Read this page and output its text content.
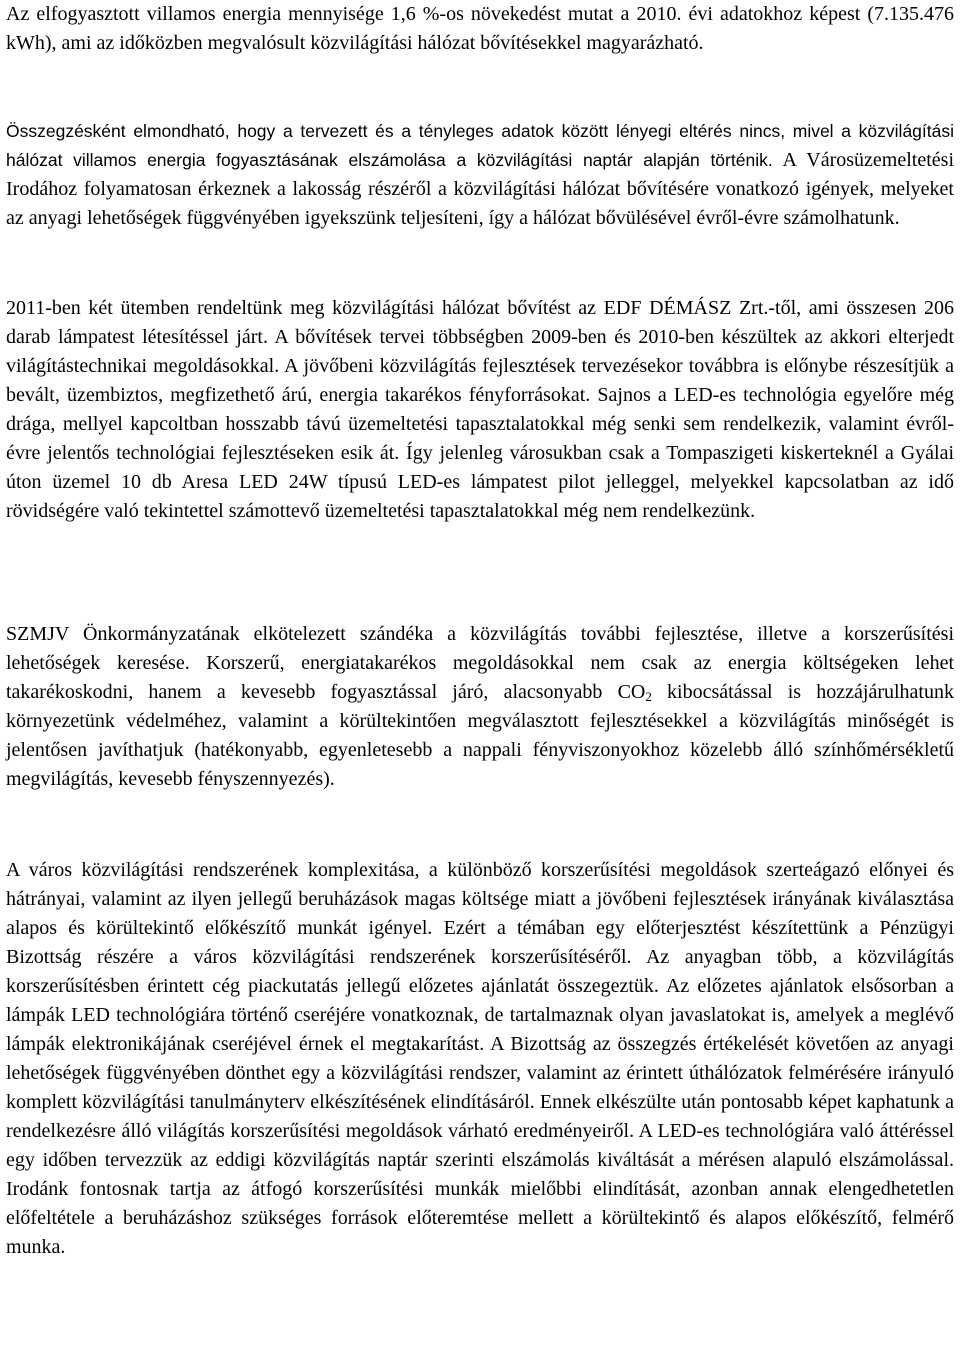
Az elfogyasztott villamos energia mennyisége 1,6 %-os növekedést mutat a 2010. évi adatokhoz képest (7.135.476 kWh), ami az időközben megvalósult közvilágítási hálózat bővítésekkel magyarázható.

Összegzésként elmondható, hogy a tervezett és a tényleges adatok között lényegi eltérés nincs, mivel a közvilágítási hálózat villamos energia fogyasztásának elszámolása a közvilágítási naptár alapján történik. A Városüzemeltetési Irodához folyamatosan érkeznek a lakosság részéről a közvilágítási hálózat bővítésére vonatkozó igények, melyeket az anyagi lehetőségek függvényében igyekszünk teljesíteni, így a hálózat bővülésével évről-évre számolhatunk.

2011-ben két ütemben rendeltünk meg közvilágítási hálózat bővítést az EDF DÉMÁSZ Zrt.-től, ami összesen 206 darab lámpatest létesítéssel járt. A bővítések tervei többségben 2009-ben és 2010-ben készültek az akkori elterjedt világítástechnikai megoldásokkal. A jövőbeni közvilágítás fejlesztések tervezésekor továbbra is előnybe részesítjük a bevált, üzembiztos, megfizethető árú, energia takarékos fényforrásokat. Sajnos a LED-es technológia egyelőre még drága, mellyel kapcoltban hosszabb távú üzemeltetési tapasztalatokkal még senki sem rendelkezik, valamint évről-évre jelentős technológiai fejlesztéseken esik át. Így jelenleg városukban csak a Tompaszigeti kiskerteknél a Gyálai úton üzemel 10 db Aresa LED 24W típusú LED-es lámpatest pilot jelleggel, melyekkel kapcsolatban az idő rövidségére való tekintettel számottevő üzemeltetési tapasztalatokkal még nem rendelkezünk.

SZMJV Önkormányzatának elkötelezett szándéka a közvilágítás további fejlesztése, illetve a korszerűsítési lehetőségek keresése. Korszerű, energiatakarékos megoldásokkal nem csak az energia költségeken lehet takarékoskodni, hanem a kevesebb fogyasztással járó, alacsonyabb $CO_2$ kibocsátással is hozzájárulhatunk környezetünk védelméhez, valamint a körültekintően megválasztott fejlesztésekkel a közvilágítás minőségét is jelentősen javíthatjuk (hatékonyabb, egyenletesebb a nappali fényviszonyokhoz közelebb álló színhőmérsékletű megvilágítás, kevesebb fényszennyezés).

A város közvilágítási rendszerének komplexitása, a különböző korszerűsítési megoldások szerteágazó előnyei és hátrányai, valamint az ilyen jellegű beruházások magas költsége miatt a jövőbeni fejlesztések irányának kiválasztása alapos és körültekintő előkészítő munkát igényel. Ezért a témában egy előterjesztést készítettünk a Pénzügyi Bizottság részére a város közvilágítási rendszerének korszerűsítéséről. Az anyagban több, a közvilágítás korszerűsítésben érintett cég piackutatás jellegű előzetes ajánlatát összegeztük. Az előzetes ajánlatok elsősorban a lámpák LED technológiára történő cseréjére vonatkoznak, de tartalmaznak olyan javaslatokat is, amelyek a meglévő lámpák elektronikájának cseréjével érnek el megtakarítást. A Bizottság az összegzés értékelését követően az anyagi lehetőségek függvényében dönthet egy a közvilágítási rendszer, valamint az érintett úthálózatok felmérésére irányuló komplett közvilágítási tanulmányterv elkészítésének elindításáról. Ennek elkészülte után pontosabb képet kaphatunk a rendelkezésre álló világítás korszerűsítési megoldások várható eredményeiről. A LED-es technológiára való áttéréssel egy időben tervezzük az eddigi közvilágítás naptár szerinti elszámolás kiváltását a mérésen alapuló elszámolással. Irodánk fontosnak tartja az átfogó korszerűsítési munkák mielőbbi elindítását, azonban annak elengedhetetlen előfeltétele a beruházáshoz szükséges források előteremtése mellett a körültekintő és alapos előkészítő, felmérő munka.
